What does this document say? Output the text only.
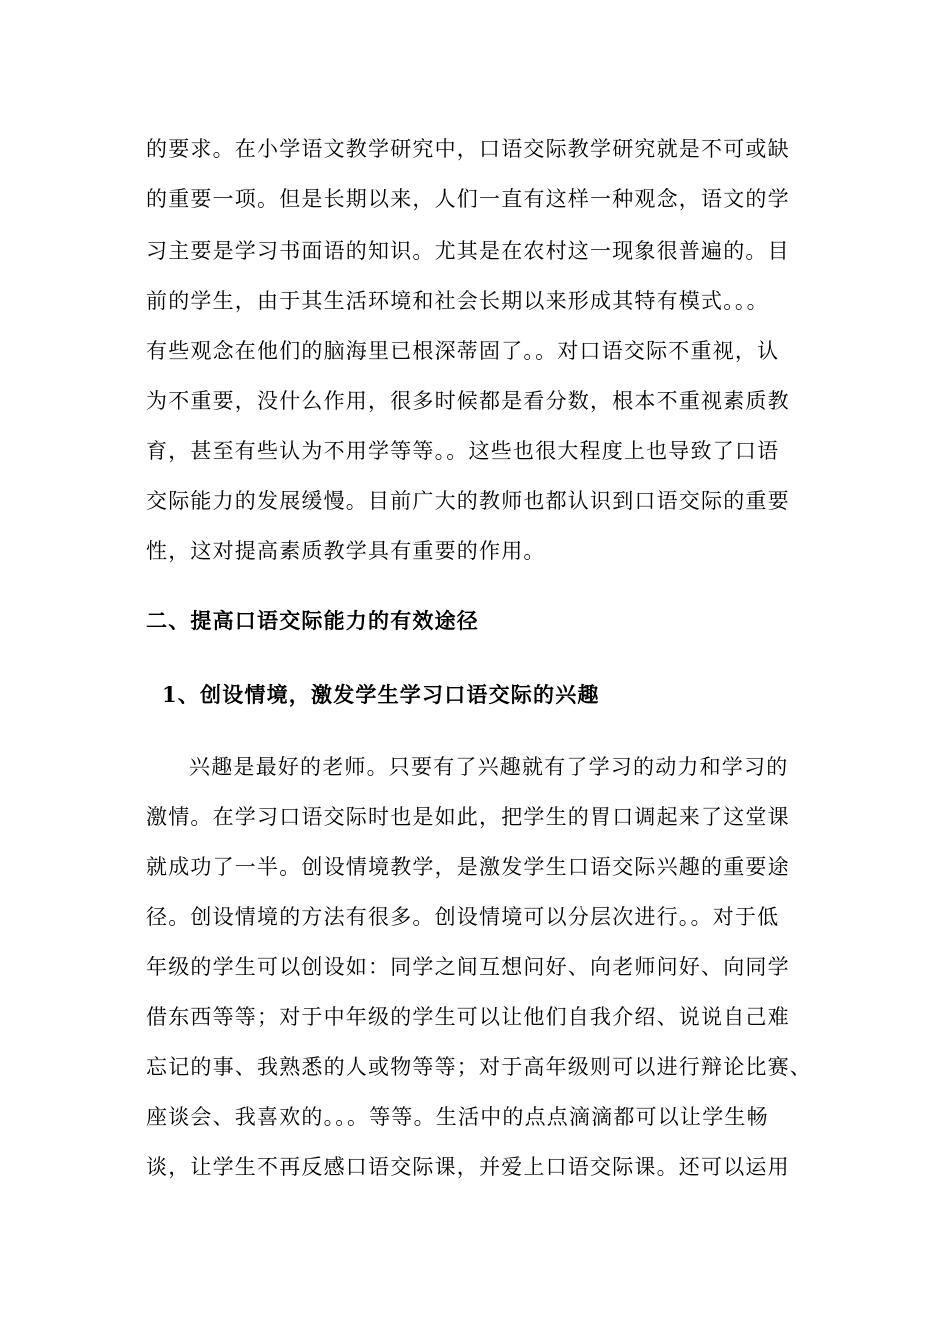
的要求。在小学语文教学研究中，口语交际教学研究就是不可或缺
的重要一项。但是长期以来，人们一直有这样一种观念，语文的学
习主要是学习书面语的知识。尤其是在农村这一现象很普遍的。目
前的学生，由于其生活环境和社会长期以来形成其特有模式。。。
有些观念在他们的脑海里已根深蒂固了。。对口语交际不重视，认
为不重要，没什么作用，很多时候都是看分数，根本不重视素质教
育，甚至有些认为不用学等等。。这些也很大程度上也导致了口语
交际能力的发展缓慢。目前广大的教师也都认识到口语交际的重要
性，这对提高素质教学具有重要的作用。
二、提高口语交际能力的有效途径
1、创设情境，激发学生学习口语交际的兴趣
兴趣是最好的老师。只要有了兴趣就有了学习的动力和学习的
激情。在学习口语交际时也是如此，把学生的胃口调起来了这堂课
就成功了一半。创设情境教学，是激发学生口语交际兴趣的重要途
径。创设情境的方法有很多。创设情境可以分层次进行。。对于低
年级的学生可以创设如：同学之间互想问好、向老师问好、向同学
借东西等等；对于中年级的学生可以让他们自我介绍、说说自己难
忘记的事、我熟悉的人或物等等；对于高年级则可以进行辩论比赛、
座谈会、我喜欢的。。。等等。生活中的点点滴滴都可以让学生畅
谈，让学生不再反感口语交际课，并爱上口语交际课。还可以运用
